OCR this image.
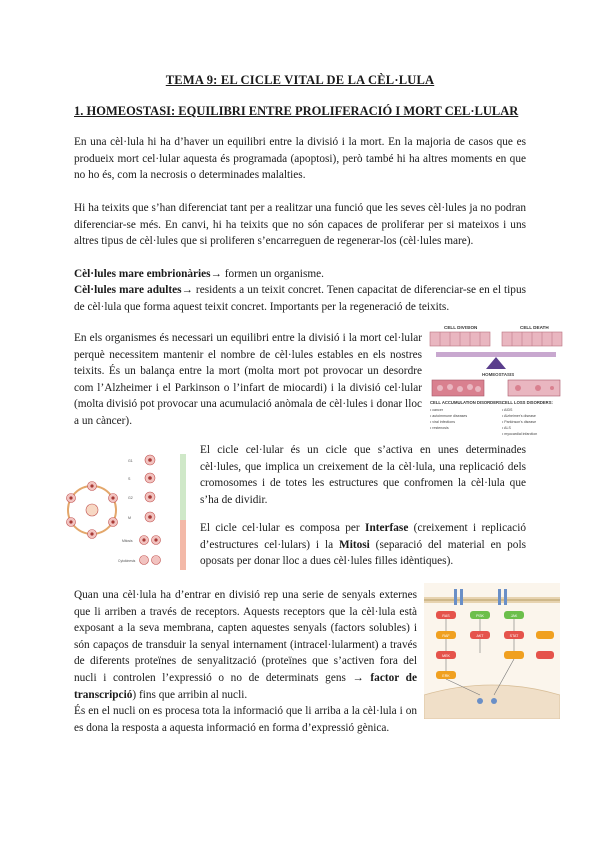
TEMA 9: EL CICLE VITAL DE LA CÈL·LULA
1. HOMEOSTASI: EQUILIBRI ENTRE PROLIFERACIÓ I MORT CEL·LULAR
En una cèl·lula hi ha d’haver un equilibri entre la divisió i la mort. En la majoria de casos que es produeix mort cel·lular aquesta és programada (apoptosi), però també hi ha altres moments en que no ho és, com la necrosis o determinades malalties.
Hi ha teixits que s’han diferenciat tant per a realitzar una funció que les seves cèl·lules ja no podran diferenciar-se més. En canvi, hi ha teixits que no són capaces de proliferar per si mateixos i uns altres tipus de cèl·lules que si proliferen s’encarreguen de regenerar-los (cèl·lules mare).
Cèl·lules mare embrionàries→ formen un organisme.
Cèl·lules mare adultes→ residents a un teixit concret. Tenen capacitat de diferenciar-se en el tipus de cèl·lula que forma aquest teixit concret. Importants per la regeneració de teixits.
En els organismes és necessari un equilibri entre la divisió i la mort cel·lular perquè necessitem mantenir el nombre de cèl·lules estables en els nostres teixits. És un balança entre la mort (molta mort pot provocar un desordre com l’Alzheimer i el Parkinson o l’infart de miocardi) i la divisió cel·lular (molta divisió pot provocar una acumulació anòmala de cèl·lules i donar lloc a un càncer).
CELL DIVISION	CELL DEATH
HOMEOSTASIS
CELL ACCUMULATION DISORDERS:
CELL LOSS DISORDERS:
• cancer
• autoimmune diseases
• viral infections
• restenosis
• AIDS
• Alzheimer's disease
• Parkinson's disease
• ALS
• myocardial infarction
G1
S
G2
M
Mitosis
Cytokinesis
El cicle cel·lular és un cicle que s’activa en unes determinades cèl·lules, que implica un creixement de la cèl·lula, una replicació dels cromosomes i de totes les estructures que confromen la cèl·lula que s’ha de dividir.
El cicle cel·lular es composa per Interfase (creixement i replicació d’estructures cel·lulars) i la Mitosi (separació del material en pols oposats per donar lloc a dues cèl·lules filles idèntiques).
Quan una cèl·lula ha d’entrar en divisió rep una serie de senyals externes que li arriben a través de receptors. Aquests receptors que la cèl·lula està exposant a la seva membrana, capten aquestes senyals (factors solubles) i són capaços de transduir la senyal internament (intracel·lularment) a través de diferents proteïnes de senyalització (proteïnes que s’activen fora del nucli i controlen l’expressió o no de determinats gens → factor de transcripció) fins que arribin al nucli.
És en el nucli on es procesa tota la informació que li arriba a la cèl·lula i on es dona la resposta a aquesta informació en forma d’expressió gènica.
RAS
RAF
MEK
ERK
PI3K
AKT
JAK
STAT
